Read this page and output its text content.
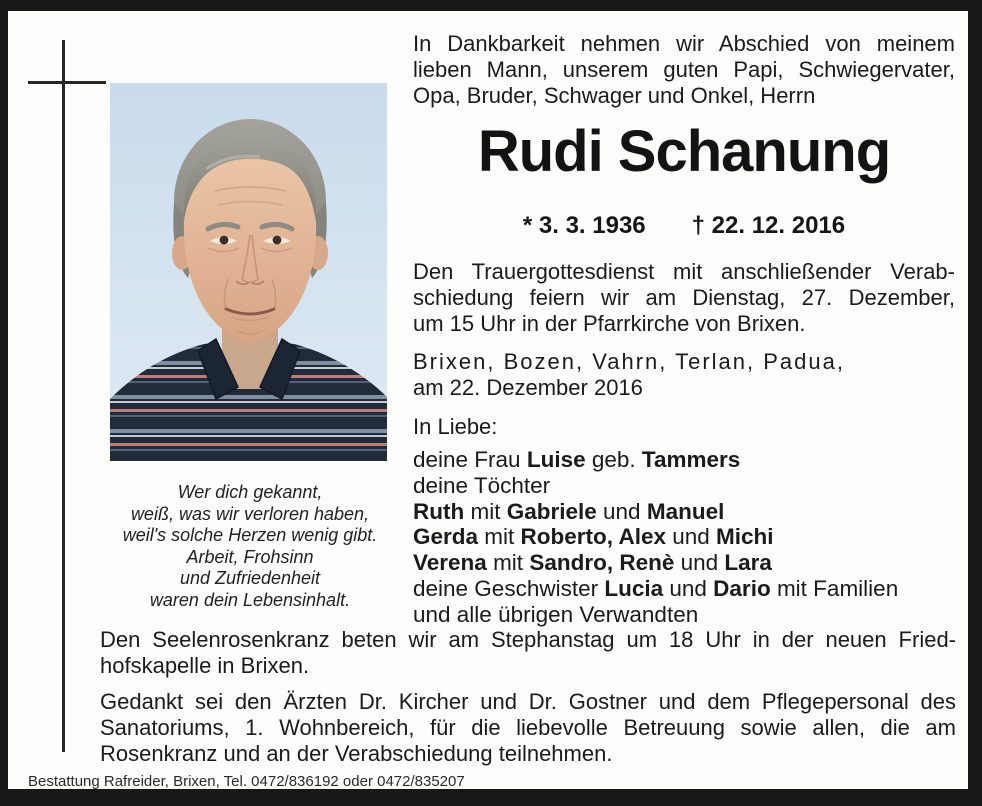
Wer dich gekannt,
weiß, was wir verloren haben,
weil's solche Herzen wenig gibt.
Arbeit, Frohsinn
und Zufriedenheit
waren dein Lebensinhalt.
In Dankbarkeit nehmen wir Abschied von meinem
lieben Mann, unserem guten Papi, Schwiegervater,
Opa, Bruder, Schwager und Onkel, Herrn
Rudi Schanung
* 3. 3. 1936 † 22. 12. 2016
Den Trauergottesdienst mit anschließender Verab-
schiedung feiern wir am Dienstag, 27. Dezember,
um 15 Uhr in der Pfarrkirche von Brixen.
Brixen, Bozen, Vahrn, Terlan, Padua,
am 22. Dezember 2016
In Liebe:
deine Frau Luise geb. Tammers
deine Töchter
Ruth mit Gabriele und Manuel
Gerda mit Roberto, Alex und Michi
Verena mit Sandro, Renè und Lara
deine Geschwister Lucia und Dario mit Familien
und alle übrigen Verwandten
Den Seelenrosenkranz beten wir am Stephanstag um 18 Uhr in der neuen Fried-
hofskapelle in Brixen.
Gedankt sei den Ärzten Dr. Kircher und Dr. Gostner und dem Pflegepersonal des
Sanatoriums, 1. Wohnbereich, für die liebevolle Betreuung sowie allen, die am
Rosenkranz und an der Verabschiedung teilnehmen.
Bestattung Rafreider, Brixen, Tel. 0472/836192 oder 0472/835207
